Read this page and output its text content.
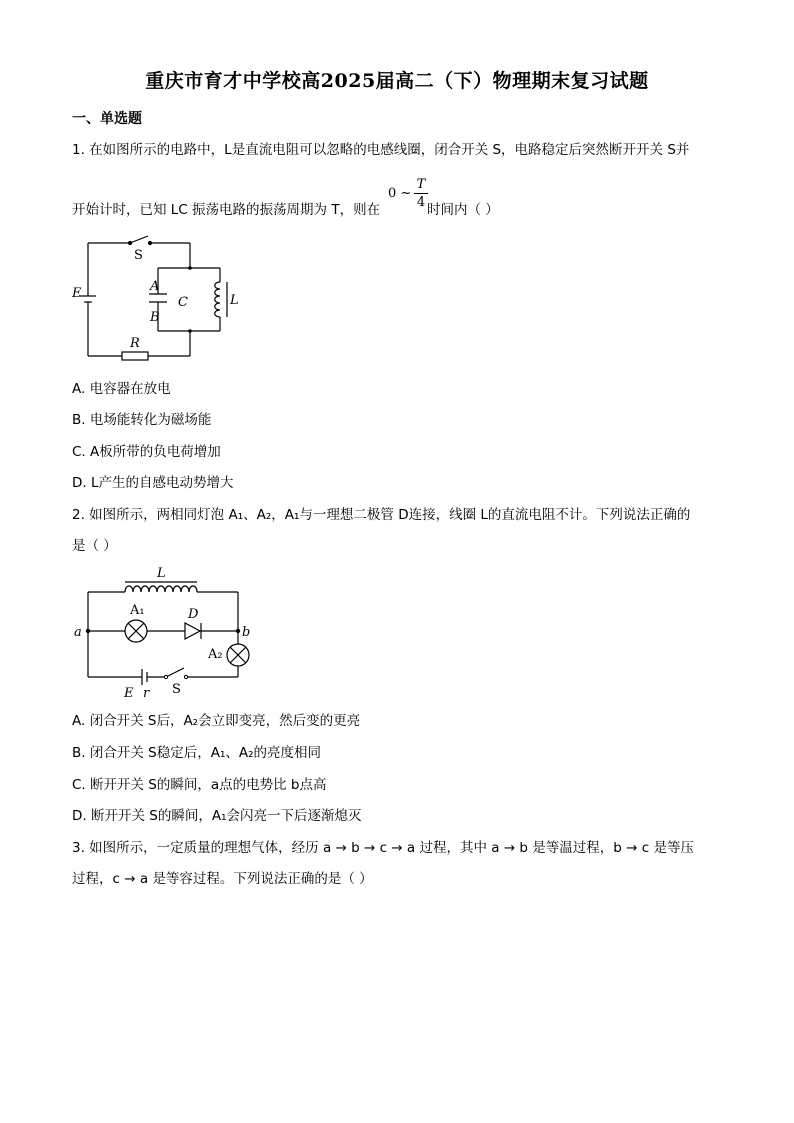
重庆市育才中学校高2025届高二（下）物理期末复习试题
一、单选题
1. 在如图所示的电路中，L是直流电阻可以忽略的电感线圈，闭合开关 S，电路稳定后突然断开开关 S并
开始计时，已知 LC 振荡电路的振荡周期为 T，则在
0 ~ $\frac{T}{4}$ 时间内（ ）
S
E	A
B
C	L
R
A. 电容器在放电
B. 电场能转化为磁场能
C. A板所带的负电荷增加
D. L产生的自感电动势增大
2. 如图所示，两相同灯泡 A₁、A₂，A₁与一理想二极管 D连接，线圈 L的直流电阻不计。下列说法正确的
是（ ）
L
A₁	D
a	b
A₂
E r S
A. 闭合开关 S后，A₂会立即变亮，然后变的更亮
B. 闭合开关 S稳定后，A₁、A₂的亮度相同
C. 断开开关 S的瞬间，a点的电势比 b点高
D. 断开开关 S的瞬间，A₁会闪亮一下后逐渐熄灭
3. 如图所示，一定质量的理想气体，经历 a → b → c → a 过程，其中 a → b 是等温过程，b → c 是等压
过程，c → a 是等容过程。下列说法正确的是（ ）
